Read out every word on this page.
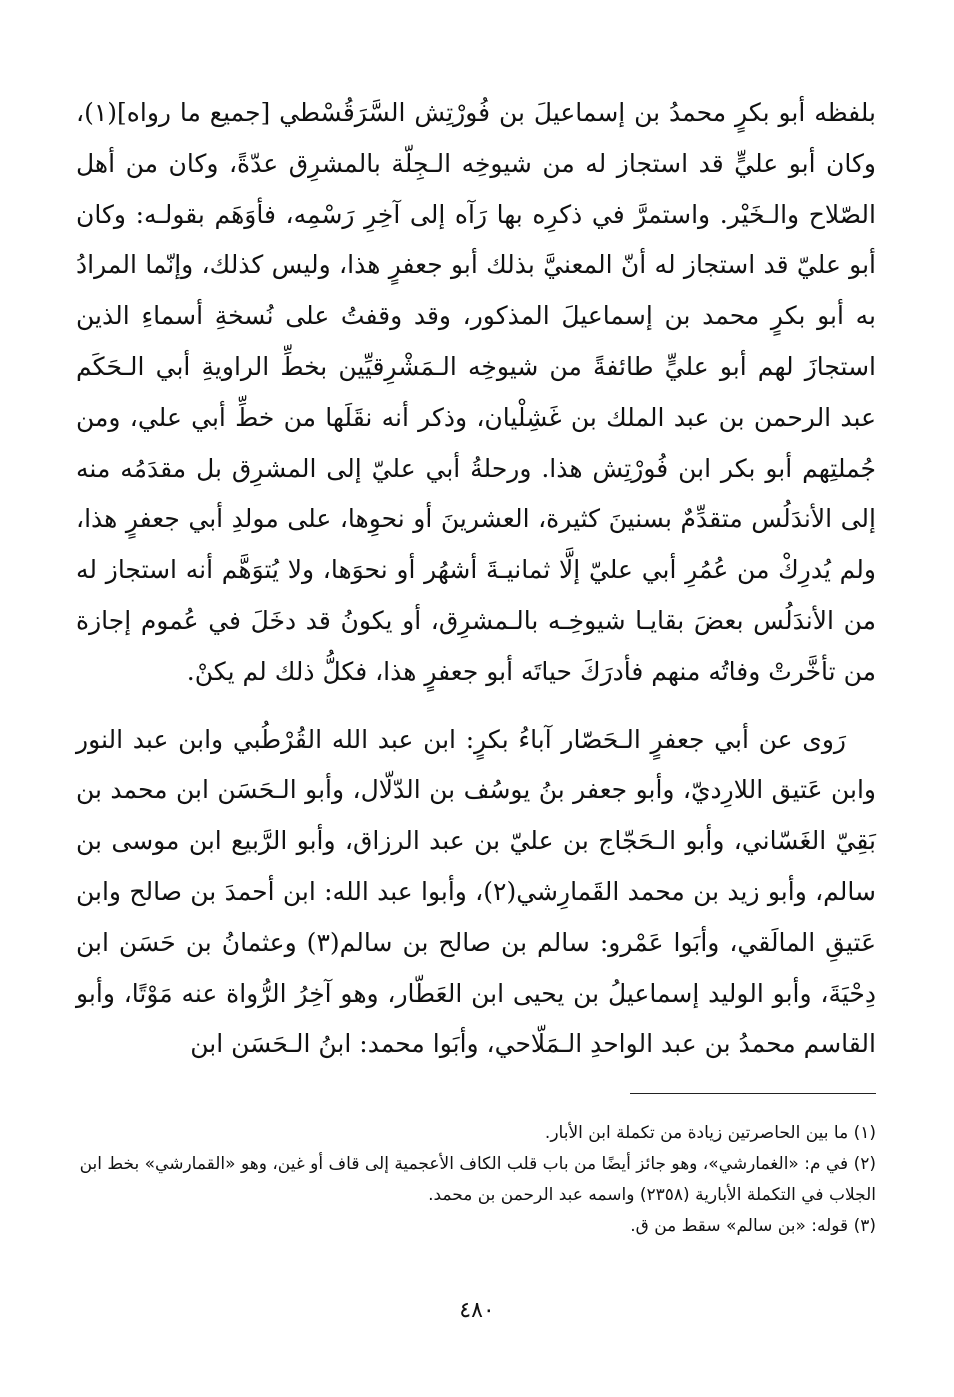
بلفظه أبو بكرٍ محمدُ بن إسماعيلَ بن فُورْتِش السَّرَقُسْطي [جميع ما رواه](١)، وكان أبو عليٍّ قد استجاز له من شيوخِه الـجِلّة بالمشرِق عدّةً، وكان من أهل الصّلاح والـخَيْر. واستمرَّ في ذكرِه بها رَآه إلى آخِرِ رَسْمِه، فأوَهَم بقولـه: وكان أبو عليّ قد استجاز له أنّ المعنيَّ بذلك أبو جعفرٍ هذا، وليس كذلك، وإنّما المرادُ به أبو بكرٍ محمد بن إسماعيلَ المذكور، وقد وقفتُ على نُسخةِ أسماءِ الذين استجازَ لهم أبو عليٍّ طائفةً من شيوخِه الـمَشْرِقيِّين بخطِّ الراويةِ أبي الـحَكَم عبد الرحمن بن عبد الملك بن غَشِلْيان، وذكر أنه نقَلَها من خطِّ أبي علي، ومن جُملتِهم أبو بكر ابن فُورْتِش هذا. ورحلةُ أبي عليّ إلى المشرِق بل مقدَمُه منه إلى الأندَلُس متقدِّمٌ بسنينَ كثيرة، العشرينَ أو نحوِها، على مولدِ أبي جعفرٍ هذا، ولم يُدرِكْ من عُمُرِ أبي عليّ إلَّا ثمانيـةَ أشهُر أو نحوَها، ولا يُتوَهَّم أنه استجاز له من الأندَلُس بعضَ بقايـا شيوخِـه بالـمشرِق، أو يكونُ قد دخَلَ في عُموم إجازة من تأخَّرتْ وفاتُه منهم فأدرَكَ حياتَه أبو جعفرٍ هذا، فكلُّ ذلك لم يكنْ.

رَوى عن أبي جعفرٍ الـحَصّار آباءُ بكرٍ: ابن عبد الله القُرْطُبي وابن عبد النور وابن عَتيق اللارِديّ، وأبو جعفر بنُ يوسُف بن الدّلّال، وأبو الـحَسَن ابن محمد بن بَقِيّ الغَسّاني، وأبو الـحَجّاج بن عليّ بن عبد الرزاق، وأبو الرَّبيع ابن موسى بن سالم، وأبو زيد بن محمد القَمارِشي(٢)، وأبوا عبد الله: ابن أحمدَ بن صالح وابن عَتيقِ المالَقي، وأبَوا عَمْرو: سالم بن صالح بن سالم(٣) وعثمانُ بن حَسَن ابن دِحْيَةَ، وأبو الوليد إسماعيلُ بن يحيى ابن العَطّار، وهو آخِرُ الرُّواة عنه مَوْتًا، وأبو القاسم محمدُ بن عبد الواحدِ الـمَلّاحي، وأبَوا محمد: ابنُ الـحَسَن ابن

(١) ما بين الحاصرتين زيادة من تكملة ابن الأبار.

(٢) في م: «الغمارشي»، وهو جائز أيضًا من باب قلب الكاف الأعجمية إلى قاف أو غين، وهو «القمارشي» بخط ابن الجلاب في التكملة الأبارية (٢٣٥٨) واسمه عبد الرحمن بن محمد.

(٣) قوله: «بن سالم» سقط من ق.

٤٨٠
